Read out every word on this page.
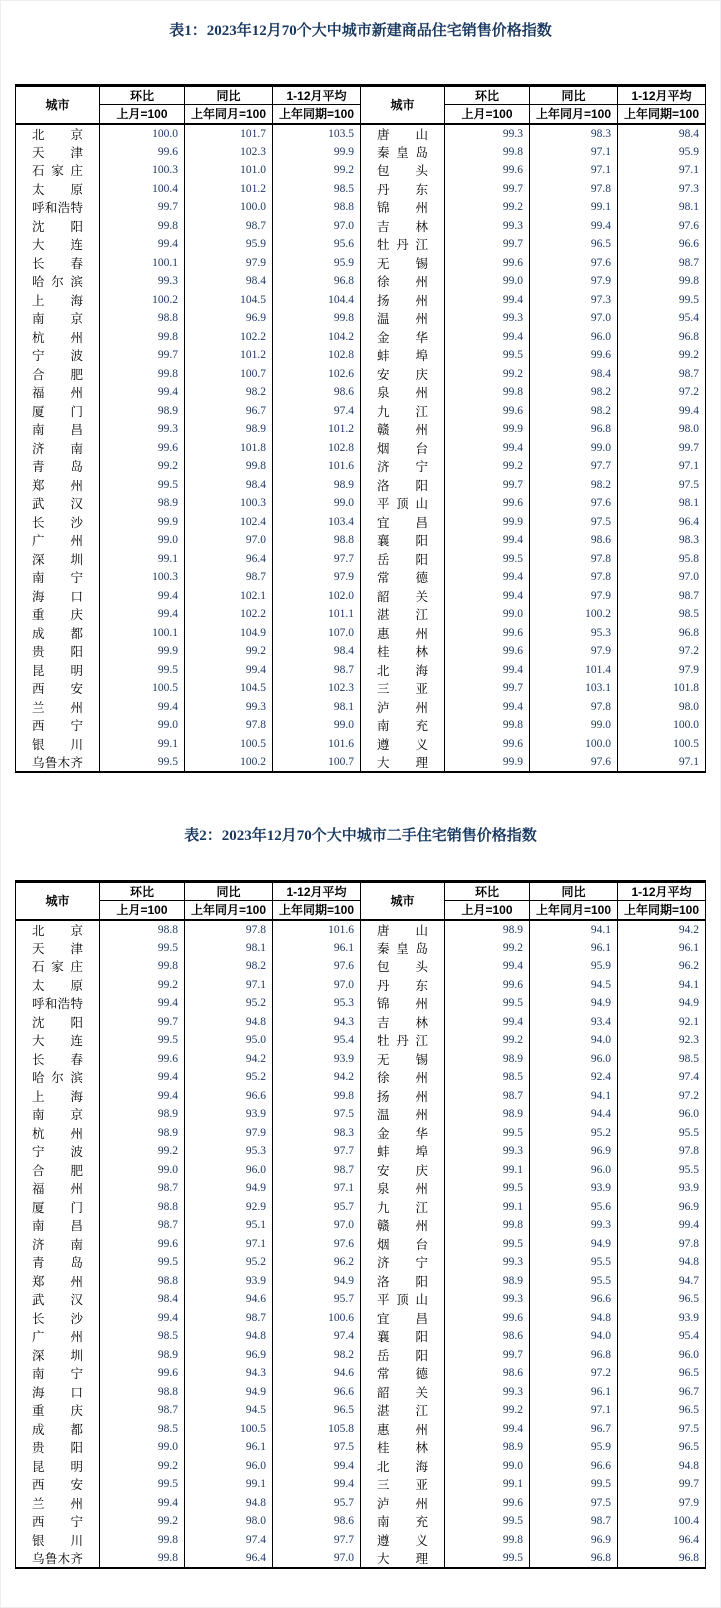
表1：2023年12月70个大中城市新建商品住宅销售价格指数
城市	环比	同比	1-12月平均	城市	环比	同比	1-12月平均
	上月=100	上年同月=100	上年同期=100		上月=100	上年同月=100	上年同期=100
北京	100.0	101.7	103.5	唐山	99.3	98.3	98.4
天津	99.6	102.3	99.9	秦皇岛	99.8	97.1	95.9
石家庄	100.3	101.0	99.2	包头	99.6	97.1	97.1
太原	100.4	101.2	98.5	丹东	99.7	97.8	97.3
呼和浩特	99.7	100.0	98.8	锦州	99.2	99.1	98.1
沈阳	99.8	98.7	97.0	吉林	99.3	99.4	97.6
大连	99.4	95.9	95.6	牡丹江	99.7	96.5	96.6
长春	100.1	97.9	95.9	无锡	99.6	97.6	98.7
哈尔滨	99.3	98.4	96.8	徐州	99.0	97.9	99.8
上海	100.2	104.5	104.4	扬州	99.4	97.3	99.5
南京	98.8	96.9	99.8	温州	99.3	97.0	95.4
杭州	99.8	102.2	104.2	金华	99.4	96.0	96.8
宁波	99.7	101.2	102.8	蚌埠	99.5	99.6	99.2
合肥	99.8	100.7	102.6	安庆	99.2	98.4	98.7
福州	99.4	98.2	98.6	泉州	99.8	98.2	97.2
厦门	98.9	96.7	97.4	九江	99.6	98.2	99.4
南昌	99.3	98.9	101.2	赣州	99.9	96.8	98.0
济南	99.6	101.8	102.8	烟台	99.4	99.0	99.7
青岛	99.2	99.8	101.6	济宁	99.2	97.7	97.1
郑州	99.5	98.4	98.9	洛阳	99.7	98.2	97.5
武汉	98.9	100.3	99.0	平顶山	99.6	97.6	98.1
长沙	99.9	102.4	103.4	宜昌	99.9	97.5	96.4
广州	99.0	97.0	98.8	襄阳	99.4	98.6	98.3
深圳	99.1	96.4	97.7	岳阳	99.5	97.8	95.8
南宁	100.3	98.7	97.9	常德	99.4	97.8	97.0
海口	99.4	102.1	102.0	韶关	99.4	97.9	98.7
重庆	99.4	102.2	101.1	湛江	99.0	100.2	98.5
成都	100.1	104.9	107.0	惠州	99.6	95.3	96.8
贵阳	99.9	99.2	98.4	桂林	99.6	97.9	97.2
昆明	99.5	99.4	98.7	北海	99.4	101.4	97.9
西安	100.5	104.5	102.3	三亚	99.7	103.1	101.8
兰州	99.4	99.3	98.1	泸州	99.4	97.8	98.0
西宁	99.0	97.8	99.0	南充	99.8	99.0	100.0
银川	99.1	100.5	101.6	遵义	99.6	100.0	100.5
乌鲁木齐	99.5	100.2	100.7	大理	99.9	97.6	97.1
表2：2023年12月70个大中城市二手住宅销售价格指数
城市	环比	同比	1-12月平均	城市	环比	同比	1-12月平均
	上月=100	上年同月=100	上年同期=100		上月=100	上年同月=100	上年同期=100
北京	98.8	97.8	101.6	唐山	98.9	94.1	94.2
天津	99.5	98.1	96.1	秦皇岛	99.2	96.1	96.1
石家庄	99.8	98.2	97.6	包头	99.4	95.9	96.2
太原	99.2	97.1	97.0	丹东	99.6	94.5	94.1
呼和浩特	99.4	95.2	95.3	锦州	99.5	94.9	94.9
沈阳	99.7	94.8	94.3	吉林	99.4	93.4	92.1
大连	99.5	95.0	95.4	牡丹江	99.2	94.0	92.3
长春	99.6	94.2	93.9	无锡	98.9	96.0	98.5
哈尔滨	99.4	95.2	94.2	徐州	98.5	92.4	97.4
上海	99.4	96.6	99.8	扬州	98.7	94.1	97.2
南京	98.9	93.9	97.5	温州	98.9	94.4	96.0
杭州	98.9	97.9	98.3	金华	99.5	95.2	95.5
宁波	99.2	95.3	97.7	蚌埠	99.3	96.9	97.8
合肥	99.0	96.0	98.7	安庆	99.1	96.0	95.5
福州	98.7	94.9	97.1	泉州	99.5	93.9	93.9
厦门	98.8	92.9	95.7	九江	99.1	95.6	96.9
南昌	98.7	95.1	97.0	赣州	99.8	99.3	99.4
济南	99.6	97.1	97.6	烟台	99.5	94.9	97.8
青岛	99.5	95.2	96.2	济宁	99.3	95.5	94.8
郑州	98.8	93.9	94.9	洛阳	98.9	95.5	94.7
武汉	98.4	94.6	95.7	平顶山	99.3	96.6	96.5
长沙	99.4	98.7	100.6	宜昌	99.6	94.8	93.9
广州	98.5	94.8	97.4	襄阳	98.6	94.0	95.4
深圳	98.9	96.9	98.2	岳阳	99.7	96.8	96.0
南宁	99.6	94.3	94.6	常德	98.6	97.2	96.5
海口	98.8	94.9	96.6	韶关	99.3	96.1	96.7
重庆	98.7	94.5	96.5	湛江	99.2	97.1	96.5
成都	98.5	100.5	105.8	惠州	99.4	96.7	97.5
贵阳	99.0	96.1	97.5	桂林	98.9	95.9	96.5
昆明	99.2	96.0	99.4	北海	99.0	96.6	94.8
西安	99.5	99.1	99.4	三亚	99.1	99.5	99.7
兰州	99.4	94.8	95.7	泸州	99.6	97.5	97.9
西宁	99.2	98.0	98.6	南充	99.5	98.7	100.4
银川	99.8	97.4	97.7	遵义	99.8	96.9	96.4
乌鲁木齐	99.8	96.4	97.0	大理	99.5	96.8	96.8
